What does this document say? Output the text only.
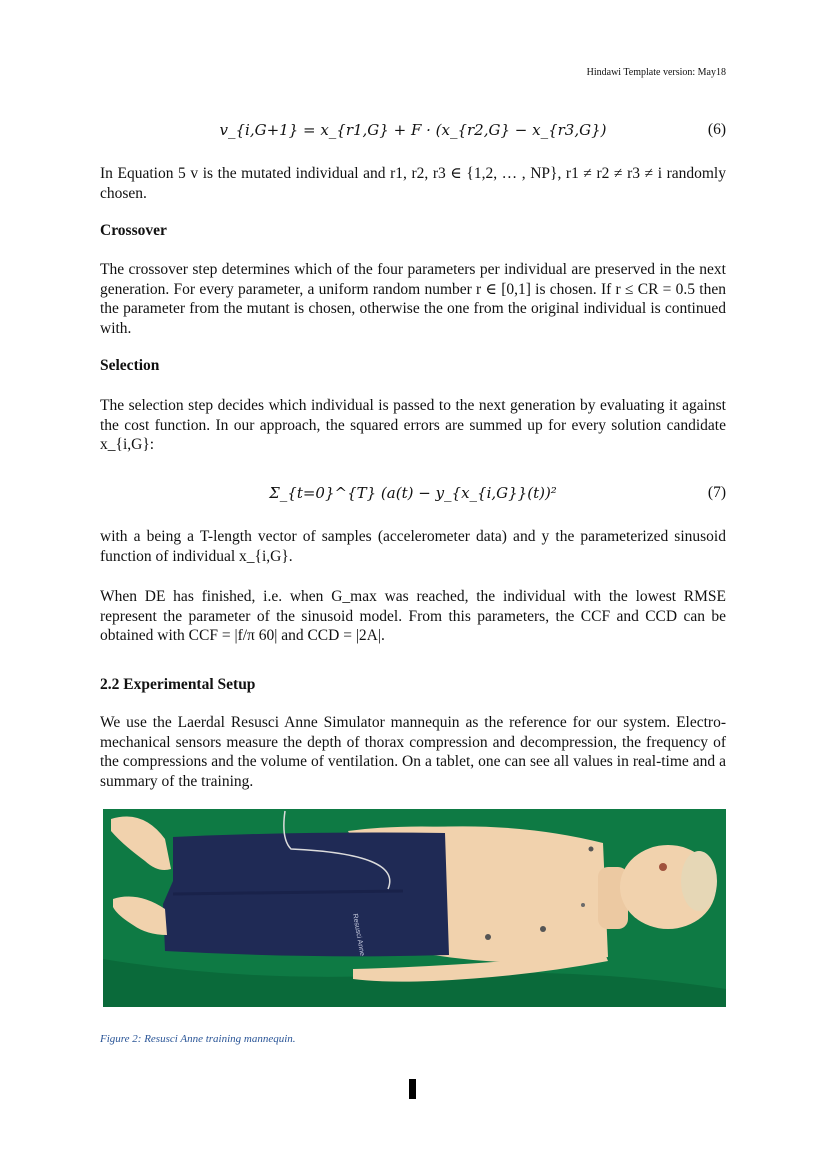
Hindawi Template version: May18
v_{i,G+1} = x_{r1,G} + F · (x_{r2,G} − x_{r3,G})	(6)
In Equation 5 v is the mutated individual and r1, r2, r3 ∈ {1,2, … , NP}, r1 ≠ r2 ≠ r3 ≠ i randomly chosen.
Crossover
The crossover step determines which of the four parameters per individual are preserved in the next generation. For every parameter, a uniform random number r ∈ [0,1] is chosen. If r ≤ CR = 0.5 then the parameter from the mutant is chosen, otherwise the one from the original individual is continued with.
Selection
The selection step decides which individual is passed to the next generation by evaluating it against the cost function. In our approach, the squared errors are summed up for every solution candidate x_{i,G}:
Σ_{t=0}^{T} (a(t) − y_{x_{i,G}}(t))²	(7)
with a being a T-length vector of samples (accelerometer data) and y the parameterized sinusoid function of individual x_{i,G}.
When DE has finished, i.e. when G_max was reached, the individual with the lowest RMSE represent the parameter of the sinusoid model. From this parameters, the CCF and CCD can be obtained with CCF = |f/π 60| and CCD = |2A|.
2.2 Experimental Setup
We use the Laerdal Resusci Anne Simulator mannequin as the reference for our system. Electro-mechanical sensors measure the depth of thorax compression and decompression, the frequency of the compressions and the volume of ventilation. On a tablet, one can see all values in real-time and a summary of the training.
Resusci Anne
Figure 2: Resusci Anne training mannequin.
